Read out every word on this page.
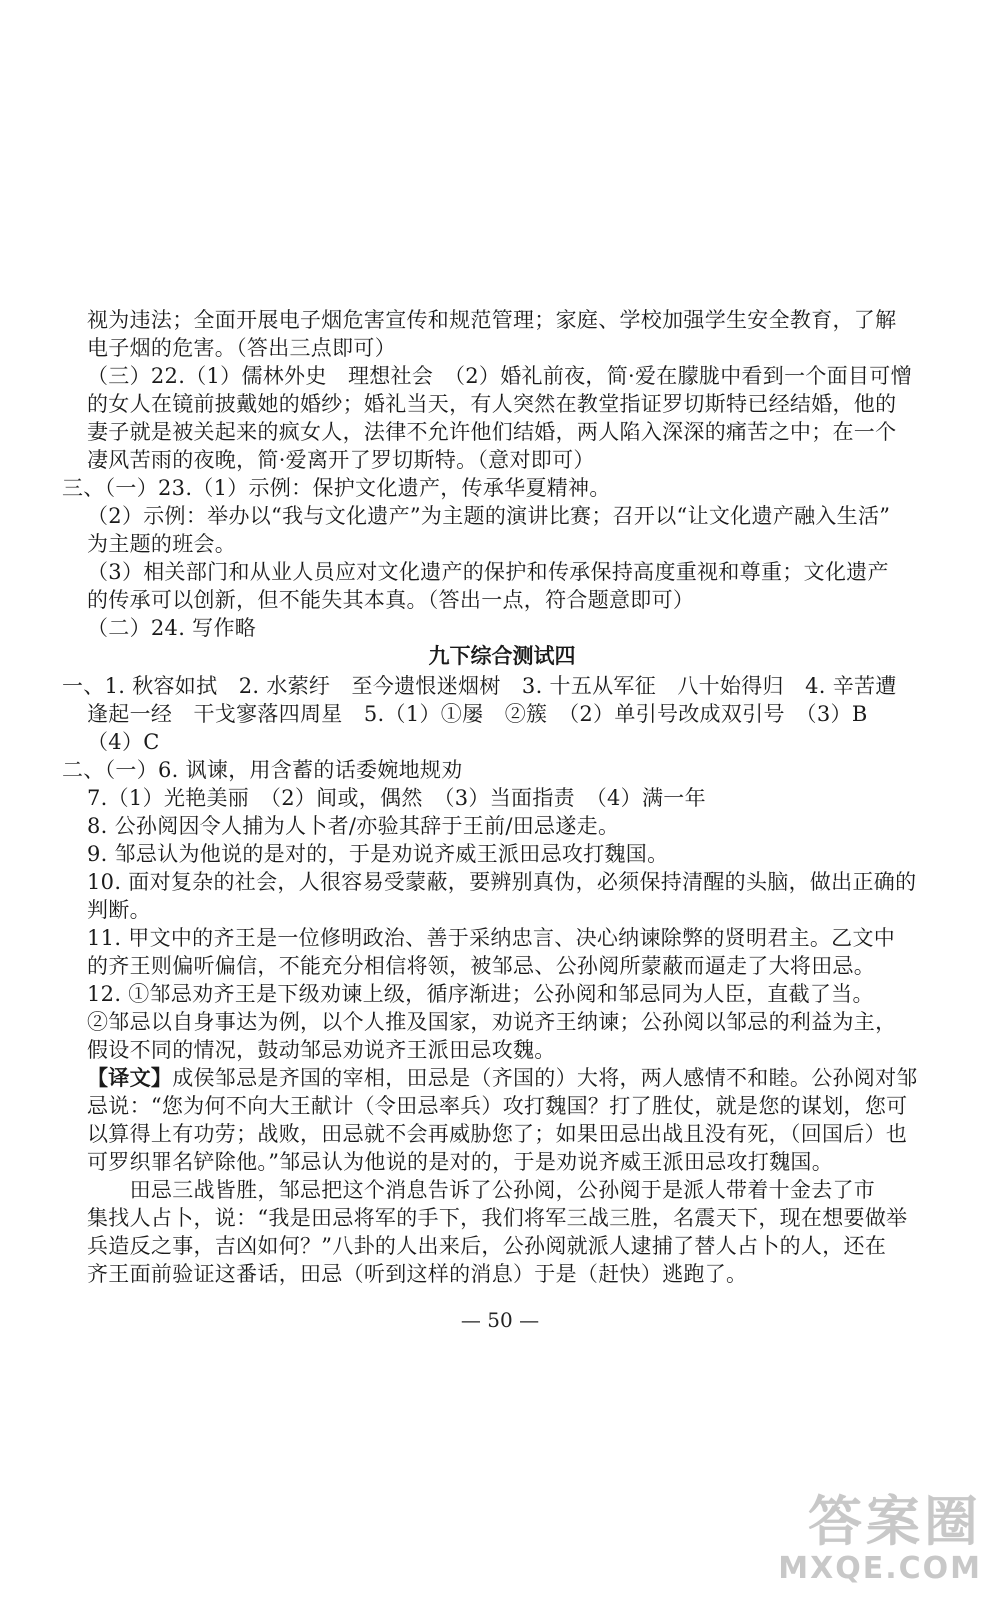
视为违法；全面开展电子烟危害宣传和规范管理；家庭、学校加强学生安全教育，了解
电子烟的危害。（答出三点即可）
（三）22.（1）儒林外史　理想社会　（2）婚礼前夜，简·爱在朦胧中看到一个面目可憎
的女人在镜前披戴她的婚纱；婚礼当天，有人突然在教堂指证罗切斯特已经结婚，他的
妻子就是被关起来的疯女人，法律不允许他们结婚，两人陷入深深的痛苦之中；在一个
凄风苦雨的夜晚，简·爱离开了罗切斯特。（意对即可）
三、（一）23.（1）示例：保护文化遗产，传承华夏精神。
（2）示例：举办以“我与文化遗产”为主题的演讲比赛；召开以“让文化遗产融入生活”
为主题的班会。
（3）相关部门和从业人员应对文化遗产的保护和传承保持高度重视和尊重；文化遗产
的传承可以创新，但不能失其本真。（答出一点，符合题意即可）
（二）24. 写作略
九下综合测试四
一、1. 秋容如拭　2. 水萦纡　至今遗恨迷烟树　3. 十五从军征　八十始得归　4. 辛苦遭
逢起一经　干戈寥落四周星　5.（1）①屡　②簇　（2）单引号改成双引号　（3）B
（4）C
二、（一）6. 讽谏，用含蓄的话委婉地规劝
7.（1）光艳美丽　（2）间或，偶然　（3）当面指责　（4）满一年
8. 公孙阅因令人捕为人卜者/亦验其辞于王前/田忌遂走。
9. 邹忌认为他说的是对的，于是劝说齐威王派田忌攻打魏国。
10. 面对复杂的社会，人很容易受蒙蔽，要辨别真伪，必须保持清醒的头脑，做出正确的
判断。
11. 甲文中的齐王是一位修明政治、善于采纳忠言、决心纳谏除弊的贤明君主。乙文中
的齐王则偏听偏信，不能充分相信将领，被邹忌、公孙阅所蒙蔽而逼走了大将田忌。
12. ①邹忌劝齐王是下级劝谏上级，循序渐进；公孙阅和邹忌同为人臣，直截了当。
②邹忌以自身事达为例，以个人推及国家，劝说齐王纳谏；公孙阅以邹忌的利益为主，
假设不同的情况，鼓动邹忌劝说齐王派田忌攻魏。
【译文】成侯邹忌是齐国的宰相，田忌是（齐国的）大将，两人感情不和睦。公孙阅对邹
忌说：“您为何不向大王献计（令田忌率兵）攻打魏国？打了胜仗，就是您的谋划，您可
以算得上有功劳；战败，田忌就不会再威胁您了；如果田忌出战且没有死，（回国后）也
可罗织罪名铲除他。”邹忌认为他说的是对的，于是劝说齐威王派田忌攻打魏国。
　　田忌三战皆胜，邹忌把这个消息告诉了公孙阅，公孙阅于是派人带着十金去了市
集找人占卜，说：“我是田忌将军的手下，我们将军三战三胜，名震天下，现在想要做举
兵造反之事，吉凶如何？”八卦的人出来后，公孙阅就派人逮捕了替人占卜的人，还在
齐王面前验证这番话，田忌（听到这样的消息）于是（赶快）逃跑了。
— 50 —
答案圈
MXQE.COM
